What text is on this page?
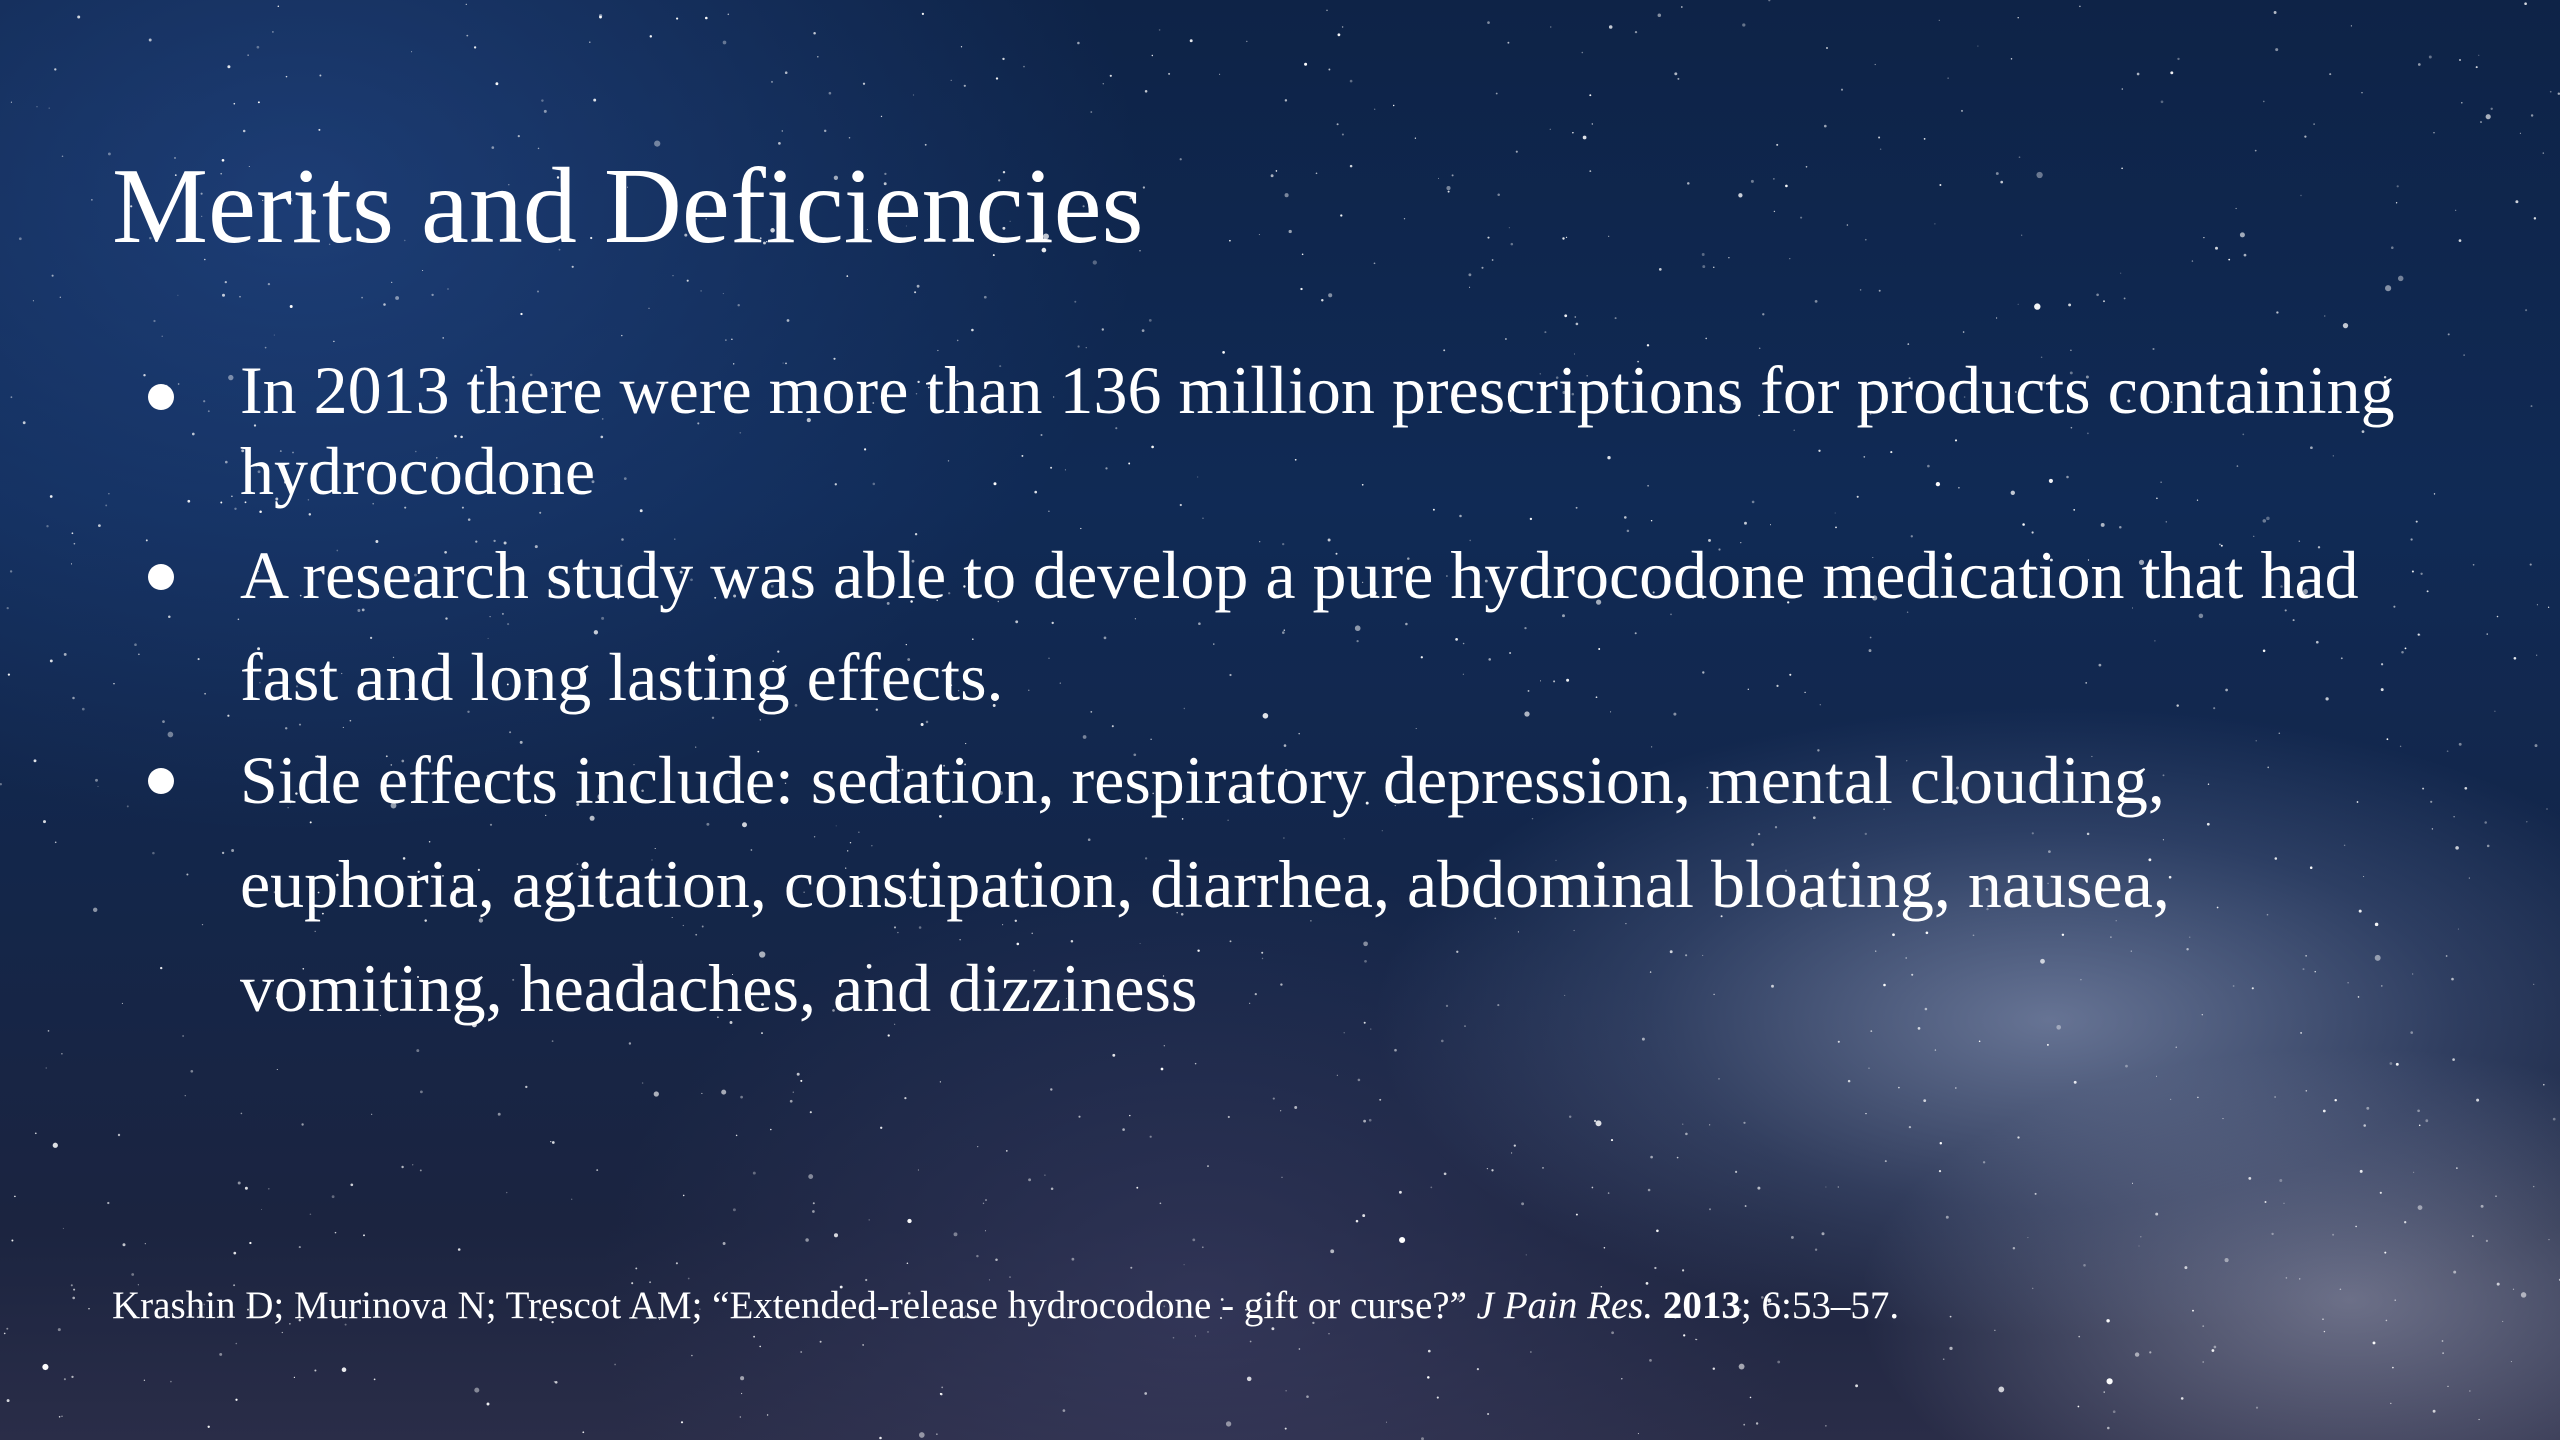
Merits and Deficiencies
In 2013 there were more than 136 million prescriptions for products containing hydrocodone
A research study was able to develop a pure hydrocodone medication that had fast and long lasting effects.
Side effects include: sedation, respiratory depression, mental clouding, euphoria, agitation, constipation, diarrhea, abdominal bloating, nausea, vomiting, headaches, and dizziness

Krashin D; Murinova N; Trescot AM; “Extended-release hydrocodone - gift or curse?” J Pain Res. 2013; 6:53–57.
